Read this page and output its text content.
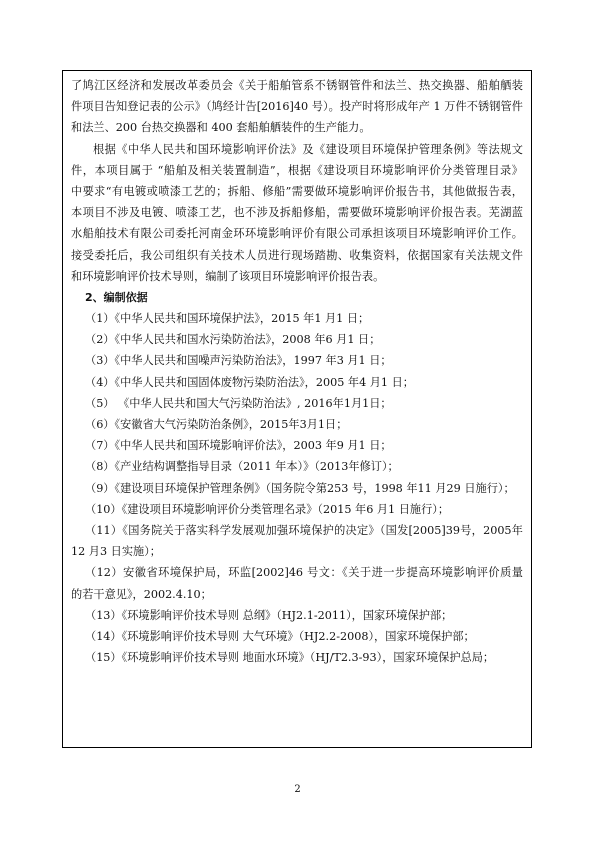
了鸠江区经济和发展改革委员会《关于船舶管系不锈钢管件和法兰、热交换器、船舶舾装
件项目告知登记表的公示》（鸠经计告[2016]40 号）。投产时将形成年产 1 万件不锈钢管件
和法兰、200 台热交换器和 400 套船舶舾装件的生产能力。
根据《中华人民共和国环境影响评价法》及《建设项目环境保护管理条例》等法规文
件，本项目属于 “船舶及相关装置制造”，根据《建设项目环境影响评价分类管理目录》
中要求“有电镀或喷漆工艺的；拆船、修船”需要做环境影响评价报告书，其他做报告表，
本项目不涉及电镀、喷漆工艺，也不涉及拆船修船，需要做环境影响评价报告表。芜湖蓝
水船舶技术有限公司委托河南金环环境影响评价有限公司承担该项目环境影响评价工作。
接受委托后，我公司组织有关技术人员进行现场踏勘、收集资料，依据国家有关法规文件
和环境影响评价技术导则，编制了该项目环境影响评价报告表。
2、编制依据
（1）《中华人民共和国环境保护法》，2015 年1 月1 日；
（2）《中华人民共和国水污染防治法》，2008 年6 月1 日；
（3）《中华人民共和国噪声污染防治法》，1997 年3 月1 日；
（4）《中华人民共和国固体废物污染防治法》，2005 年4 月1 日；
（5） 《中华人民共和国大气污染防治法》, 2016年1月1日；
（6）《安徽省大气污染防治条例》，2015年3月1日；
（7）《中华人民共和国环境影响评价法》，2003 年9 月1 日；
（8）《产业结构调整指导目录（2011 年本）》（2013年修订）；
（9）《建设项目环境保护管理条例》（国务院令第253 号，1998 年11 月29 日施行）；
（10）《建设项目环境影响评价分类管理名录》（2015 年6 月1 日施行）；
（11）《国务院关于落实科学发展观加强环境保护的决定》（国发[2005]39号，2005年
12 月3 日实施）；
（12）安徽省环境保护局，环监[2002]46 号文：《关于进一步提高环境影响评价质量
的若干意见》，2002.4.10；
（13）《环境影响评价技术导则 总纲》（HJ2.1-2011），国家环境保护部；
（14）《环境影响评价技术导则 大气环境》（HJ2.2-2008），国家环境保护部；
（15）《环境影响评价技术导则 地面水环境》（HJ/T2.3-93），国家环境保护总局；
2
